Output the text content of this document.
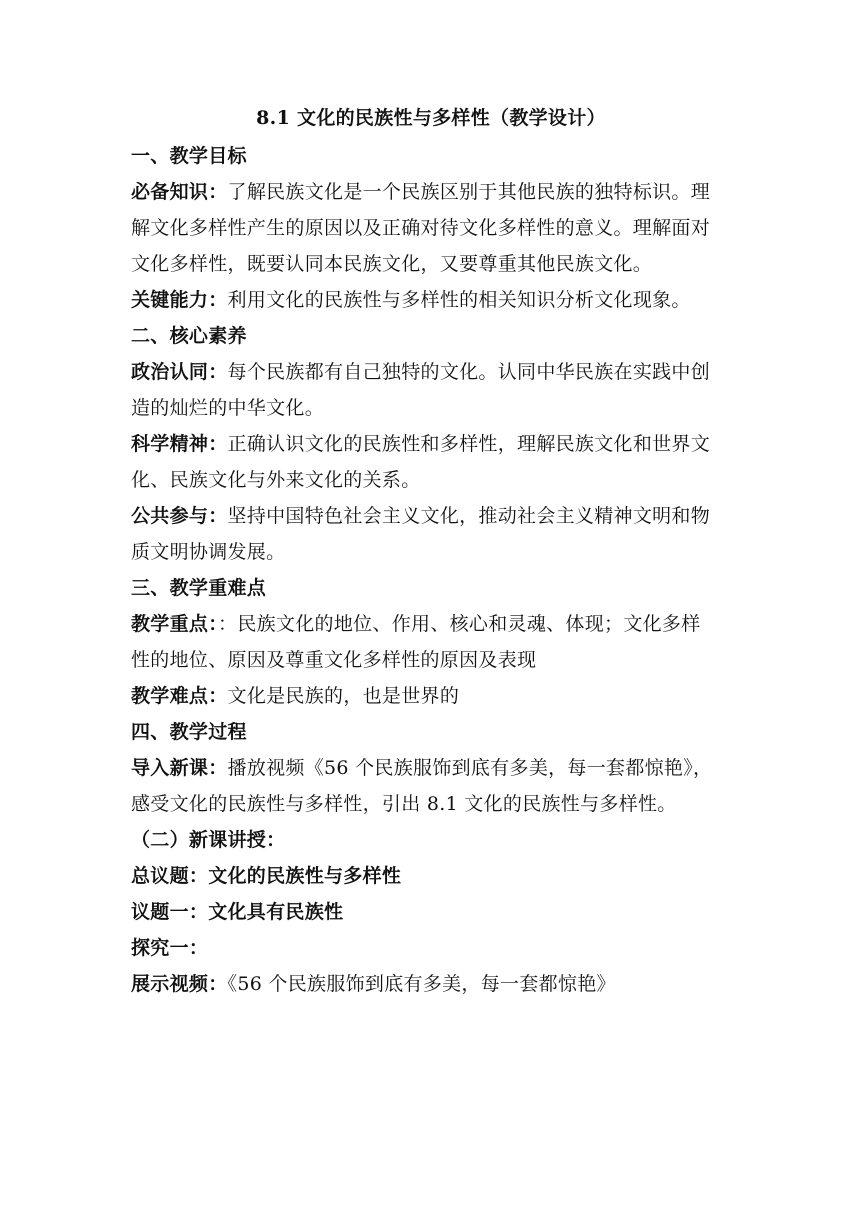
8.1 文化的民族性与多样性（教学设计）
一、教学目标
必备知识：了解民族文化是一个民族区别于其他民族的独特标识。理
解文化多样性产生的原因以及正确对待文化多样性的意义。理解面对
文化多样性，既要认同本民族文化，又要尊重其他民族文化。
关键能力：利用文化的民族性与多样性的相关知识分析文化现象。
二、核心素养
政治认同：每个民族都有自己独特的文化。认同中华民族在实践中创
造的灿烂的中华文化。
科学精神：正确认识文化的民族性和多样性，理解民族文化和世界文
化、民族文化与外来文化的关系。
公共参与：坚持中国特色社会主义文化，推动社会主义精神文明和物
质文明协调发展。
三、教学重难点
教学重点：：民族文化的地位、作用、核心和灵魂、体现；文化多样
性的地位、原因及尊重文化多样性的原因及表现
教学难点：文化是民族的，也是世界的
四、教学过程
导入新课：播放视频《56 个民族服饰到底有多美，每一套都惊艳》，
感受文化的民族性与多样性，引出 8.1 文化的民族性与多样性。
（二）新课讲授：
总议题：文化的民族性与多样性
议题一：文化具有民族性
探究一：
展示视频：《56 个民族服饰到底有多美，每一套都惊艳》
